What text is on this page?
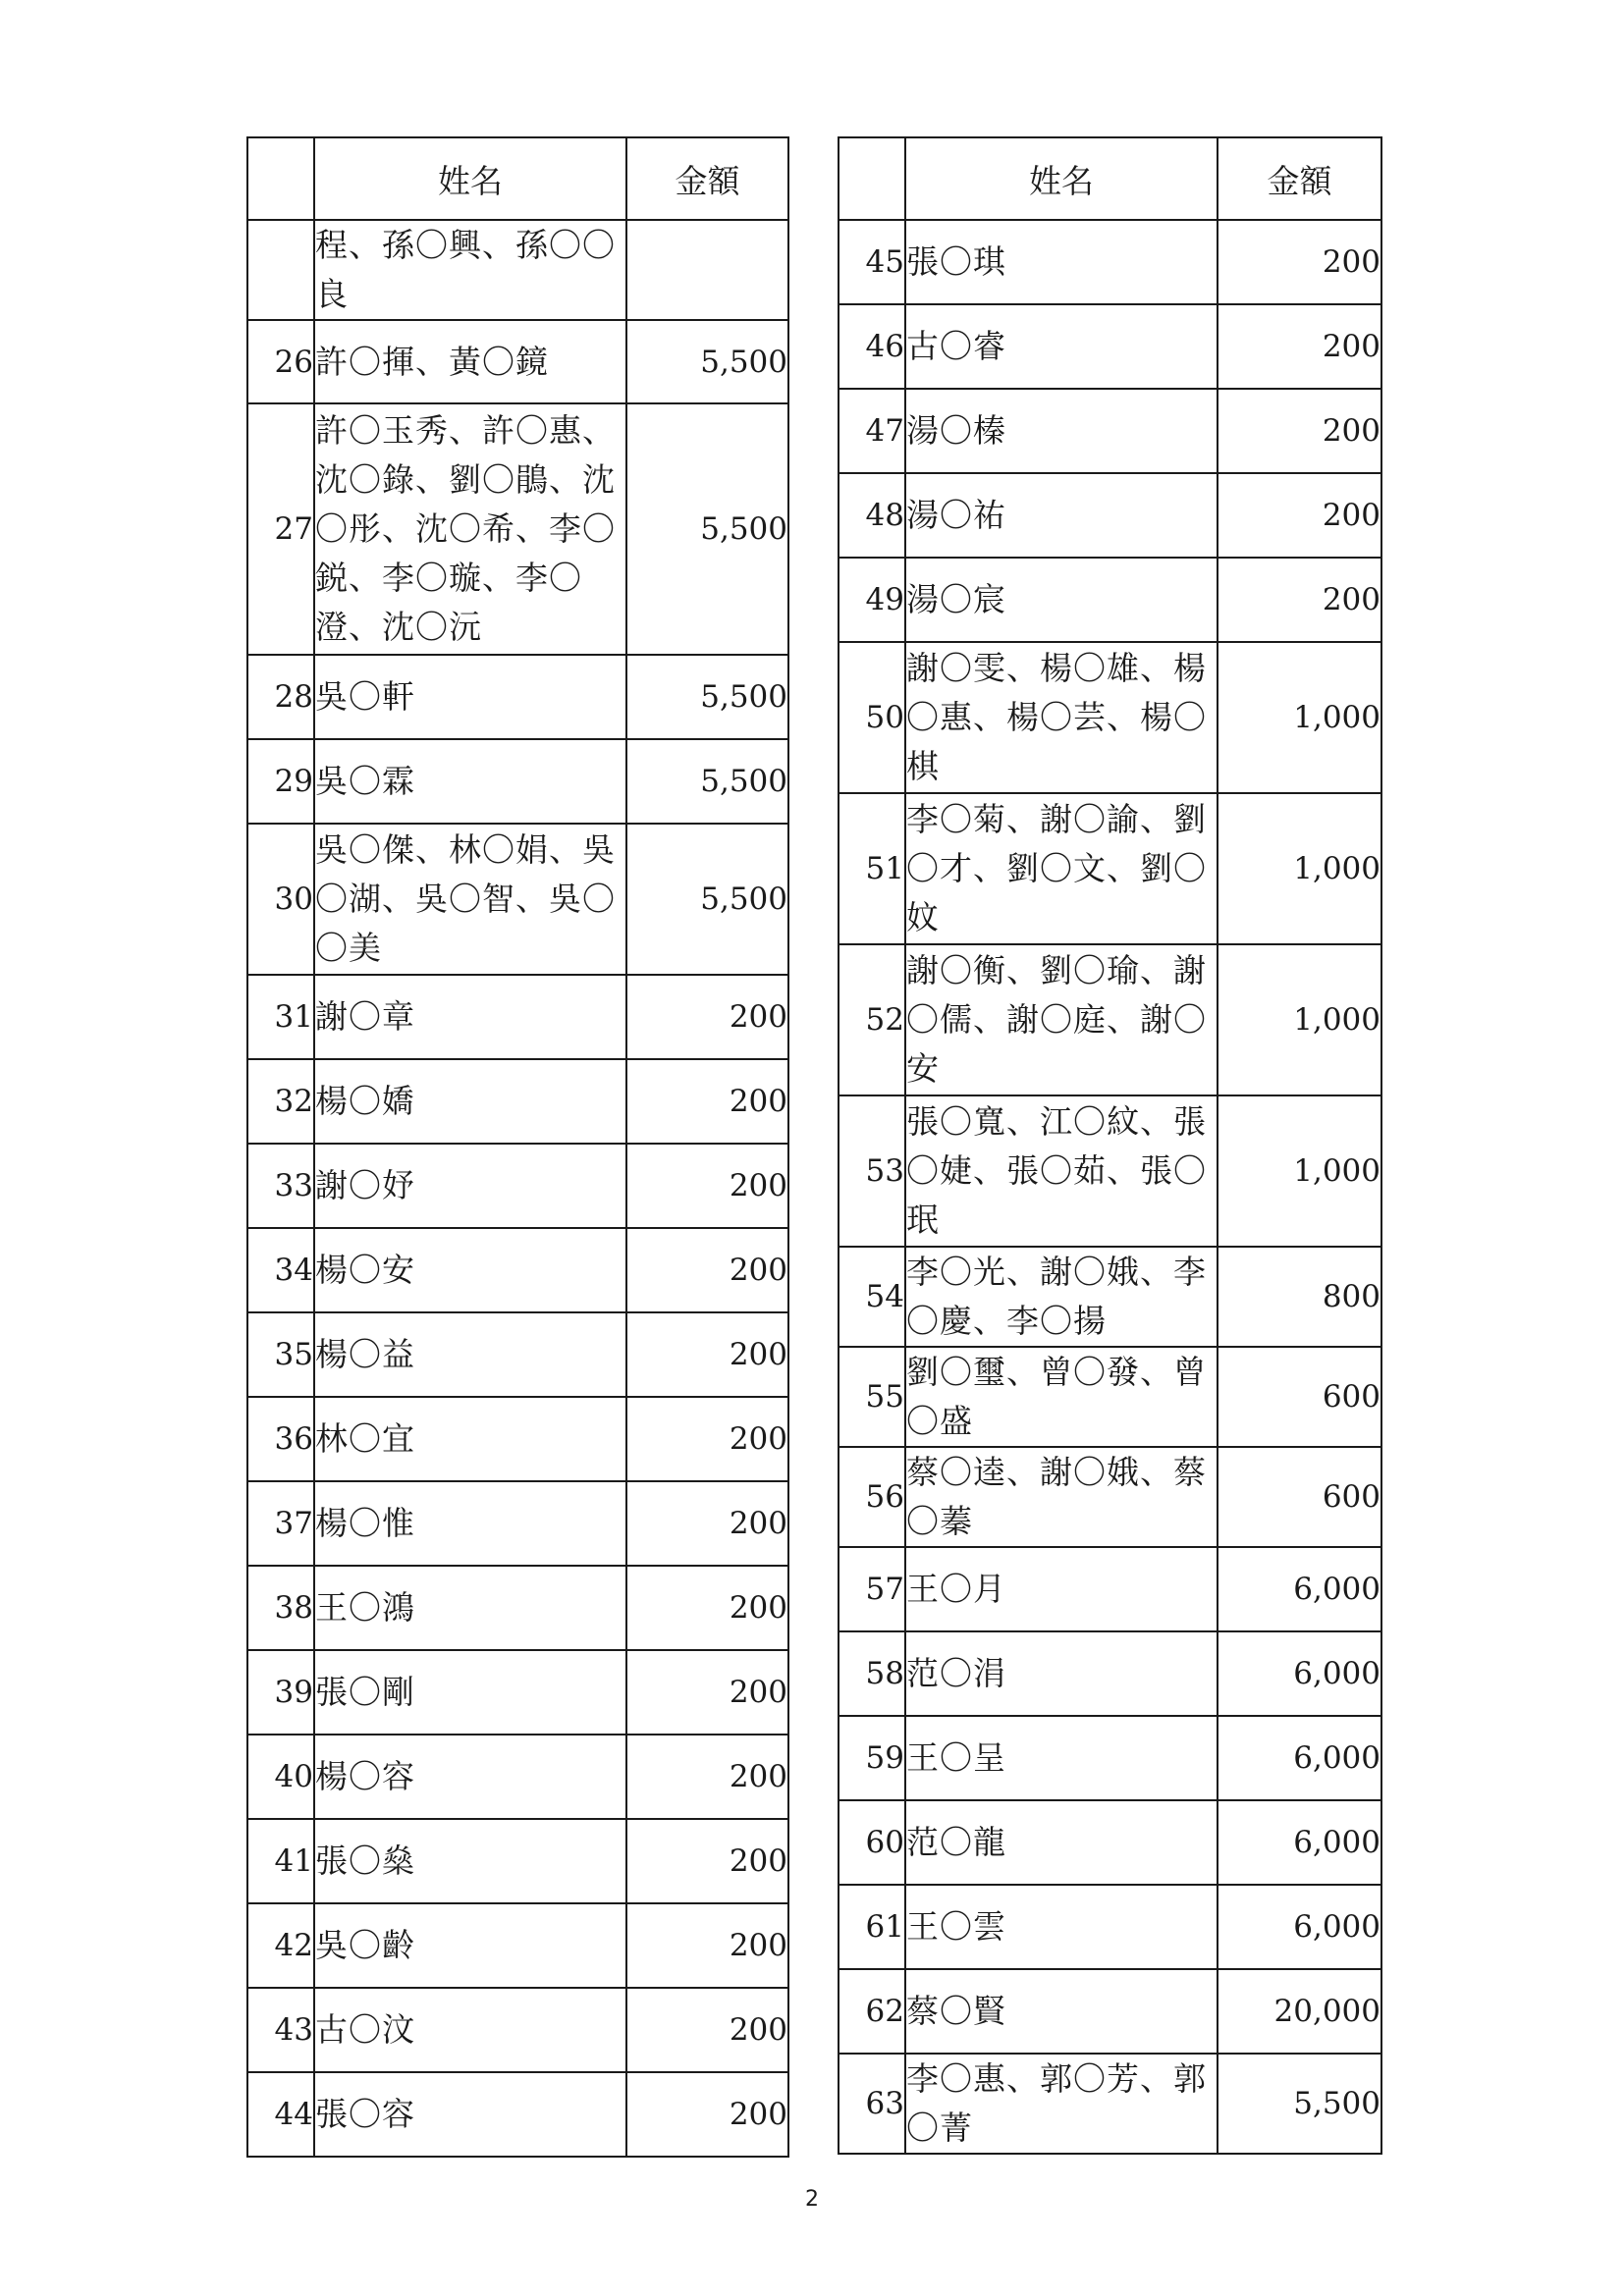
	姓名	金額
	程、孫〇興、孫〇〇良	
26	許〇揮、黃〇鏡	5,500
27	許〇玉秀、許〇惠、沈〇錄、劉〇鵑、沈〇彤、沈〇希、李〇鋭、李〇璇、李〇澄、沈〇沅	5,500
28	吳〇軒	5,500
29	吳〇霖	5,500
30	吳〇傑、林〇娟、吳〇湖、吳〇智、吳〇〇美	5,500
31	謝〇章	200
32	楊〇嬌	200
33	謝〇妤	200
34	楊〇安	200
35	楊〇益	200
36	林〇宜	200
37	楊〇惟	200
38	王〇鴻	200
39	張〇剛	200
40	楊〇容	200
41	張〇燊	200
42	吳〇齡	200
43	古〇汶	200
44	張〇容	200
	姓名	金額
45	張〇琪	200
46	古〇睿	200
47	湯〇榛	200
48	湯〇祐	200
49	湯〇宸	200
50	謝〇雯、楊〇雄、楊〇惠、楊〇芸、楊〇棋	1,000
51	李〇菊、謝〇諭、劉〇才、劉〇文、劉〇妏	1,000
52	謝〇衡、劉〇瑜、謝〇儒、謝〇庭、謝〇安	1,000
53	張〇寬、江〇紋、張〇婕、張〇茹、張〇珉	1,000
54	李〇光、謝〇娥、李〇慶、李〇揚	800
55	劉〇璽、曾〇發、曾〇盛	600
56	蔡〇逵、謝〇娥、蔡〇蓁	600
57	王〇月	6,000
58	范〇涓	6,000
59	王〇呈	6,000
60	范〇龍	6,000
61	王〇雲	6,000
62	蔡〇賢	20,000
63	李〇惠、郭〇芳、郭〇菁	5,500
2
